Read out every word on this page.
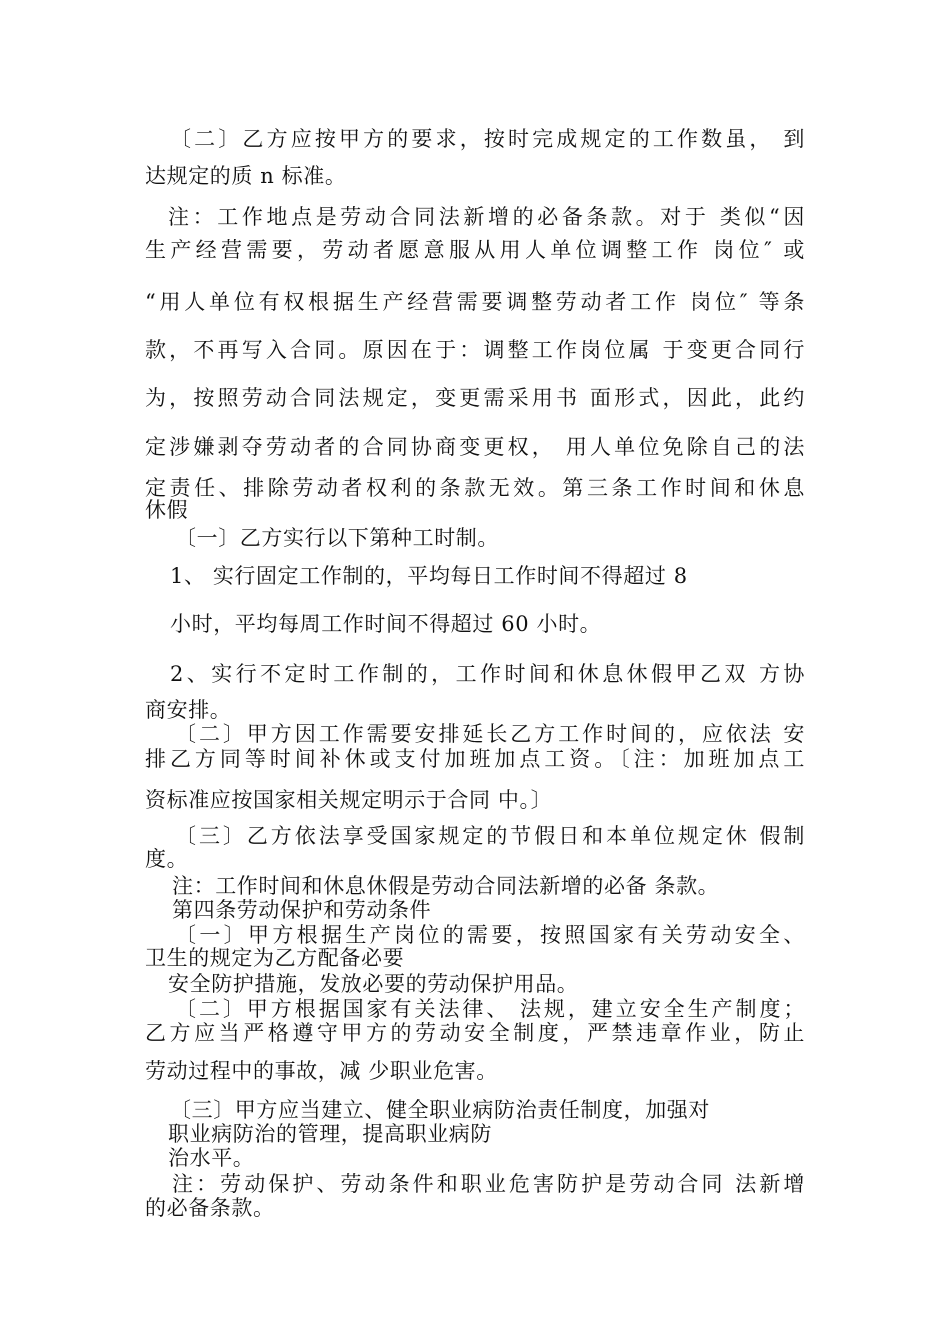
〔二〕乙方应按甲方的要求，按时完成规定的工作数虽， 到

达规定的质 n 标准。

注：工作地点是劳动合同法新增的必备条款。对于 类似“因

生产经营需要，劳动者愿意服从用人单位调整工作 岗位″ 或

“用人单位有权根据生产经营需要调整劳动者工作 岗位″ 等条

款，不再写入合同。原因在于：调整工作岗位属 于变更合同行

为，按照劳动合同法规定，变更需采用书 面形式，因此，此约

定涉嫌剥夺劳动者的合同协商变更权， 用人单位免除自己的法

定责任、排除劳动者权利的条款无效。第三条工作时间和休息

休假

〔一〕乙方实行以下第种工时制。

1、 实行固定工作制的，平均每日工作时间不得超过 8

小时，平均每周工作时间不得超过 60 小时。

2、实行不定时工作制的，工作时间和休息休假甲乙双 方协

商安排。

〔二〕甲方因工作需要安排延长乙方工作时间的，应依法 安

排乙方同等时间补休或支付加班加点工资。〔注：加班加点工

资标准应按国家相关规定明示于合同 中。〕

〔三〕乙方依法享受国家规定的节假日和本单位规定休 假制

度。

注：工作时间和休息休假是劳动合同法新增的必备 条款。

第四条劳动保护和劳动条件

〔一〕甲方根据生产岗位的需要，按照国家有关劳动安全、

卫生的规定为乙方配备必要

安全防护措施，发放必要的劳动保护用品。

〔二〕甲方根据国家有关法律、 法规，建立安全生产制度；

乙方应当严格遵守甲方的劳动安全制度，严禁违章作业，防止

劳动过程中的事故，减 少职业危害。

〔三〕甲方应当建立、健全职业病防治责任制度，加强对

职业病防治的管理，提高职业病防

治水平。

注：劳动保护、劳动条件和职业危害防护是劳动合同 法新增

的必备条款。
